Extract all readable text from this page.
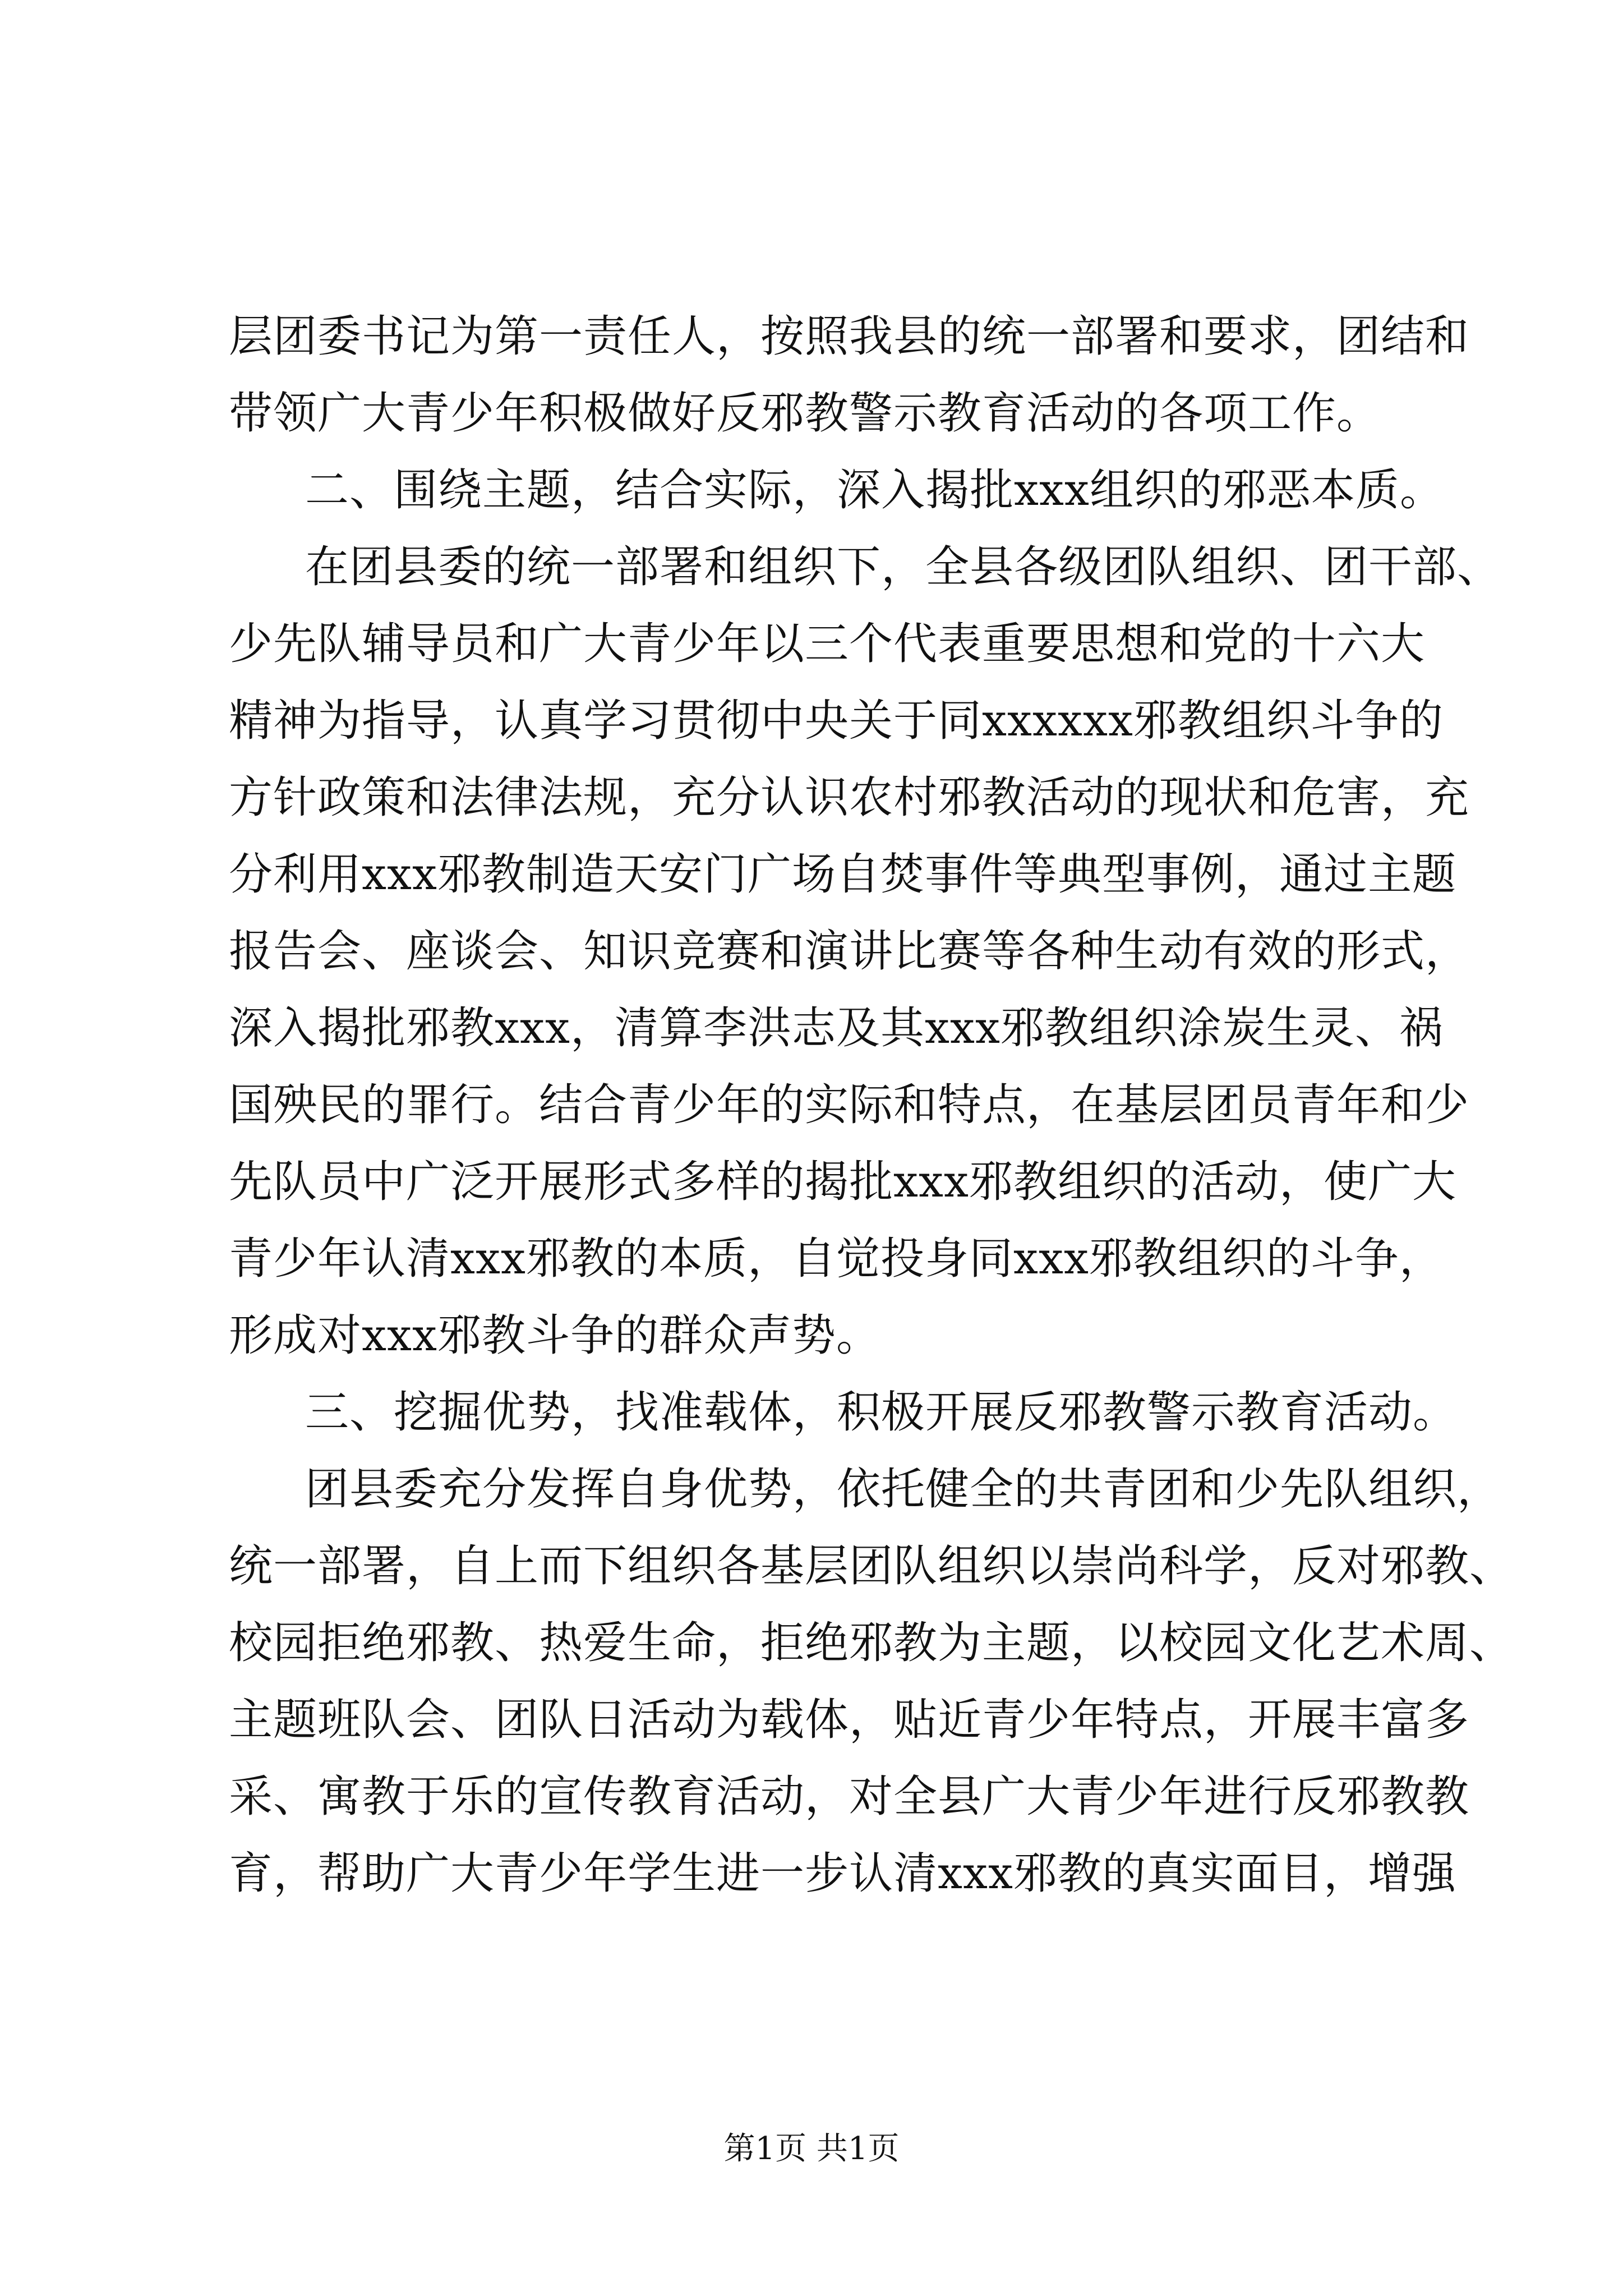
层团委书记为第一责任人，按照我县的统一部署和要求，团结和
带领广大青少年积极做好反邪教警示教育活动的各项工作。
二、围绕主题，结合实际，深入揭批xxx组织的邪恶本质。
在团县委的统一部署和组织下，全县各级团队组织、团干部、
少先队辅导员和广大青少年以三个代表重要思想和党的十六大
精神为指导，认真学习贯彻中央关于同xxxxxx邪教组织斗争的
方针政策和法律法规，充分认识农村邪教活动的现状和危害，充
分利用xxx邪教制造天安门广场自焚事件等典型事例，通过主题
报告会、座谈会、知识竞赛和演讲比赛等各种生动有效的形式，
深入揭批邪教xxx，清算李洪志及其xxx邪教组织涂炭生灵、祸
国殃民的罪行。结合青少年的实际和特点，在基层团员青年和少
先队员中广泛开展形式多样的揭批xxx邪教组织的活动，使广大
青少年认清xxx邪教的本质，自觉投身同xxx邪教组织的斗争，
形成对xxx邪教斗争的群众声势。
三、挖掘优势，找准载体，积极开展反邪教警示教育活动。
团县委充分发挥自身优势，依托健全的共青团和少先队组织，
统一部署，自上而下组织各基层团队组织以崇尚科学，反对邪教、
校园拒绝邪教、热爱生命，拒绝邪教为主题，以校园文化艺术周、
主题班队会、团队日活动为载体，贴近青少年特点，开展丰富多
采、寓教于乐的宣传教育活动，对全县广大青少年进行反邪教教
育，帮助广大青少年学生进一步认清xxx邪教的真实面目，增强
第1页 共1页
